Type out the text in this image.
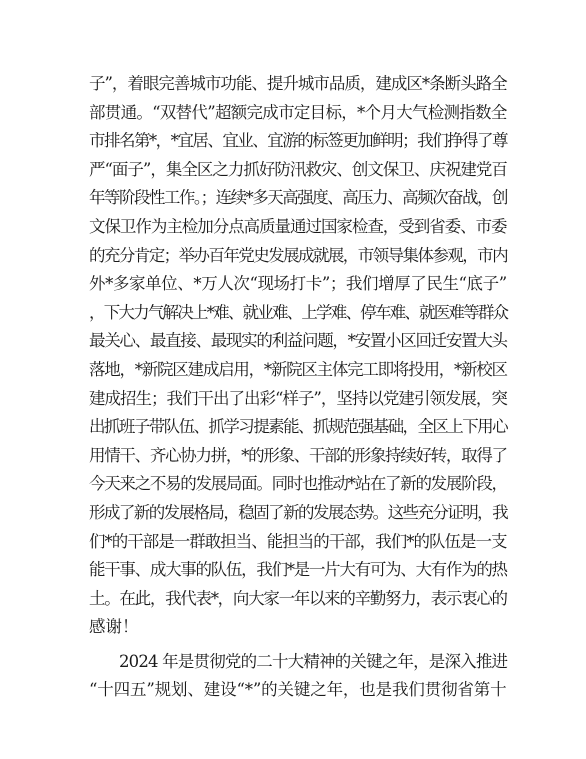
子”，着眼完善城市功能、提升城市品质，建成区*条断头路全
部贯通。“双替代”超额完成市定目标，*个月大气检测指数全
市排名第*，*宜居、宜业、宜游的标签更加鲜明；我们挣得了尊
严“面子”，集全区之力抓好防汛救灾、创文保卫、庆祝建党百
年等阶段性工作。；连续*多天高强度、高压力、高频次奋战，创
文保卫作为主检加分点高质量通过国家检查，受到省委、市委
的充分肯定；举办百年党史发展成就展，市领导集体参观，市内
外*多家单位、*万人次“现场打卡”；我们增厚了民生“底子”
，下大力气解决上*难、就业难、上学难、停车难、就医难等群众
最关心、最直接、最现实的利益问题，*安置小区回迁安置大头
落地，*新院区建成启用，*新院区主体完工即将投用，*新校区
建成招生；我们干出了出彩“样子”，坚持以党建引领发展，突
出抓班子带队伍、抓学习提素能、抓规范强基础，全区上下用心
用情干、齐心协力拼，*的形象、干部的形象持续好转，取得了
今天来之不易的发展局面。同时也推动*站在了新的发展阶段，
形成了新的发展格局，稳固了新的发展态势。这些充分证明，我
们*的干部是一群敢担当、能担当的干部，我们*的队伍是一支
能干事、成大事的队伍，我们*是一片大有可为、大有作为的热
土。在此，我代表*，向大家一年以来的辛勤努力，表示衷心的
感谢！
2024 年是贯彻党的二十大精神的关键之年，是深入推进
“十四五”规划、建设“*”的关键之年，也是我们贯彻省第十
